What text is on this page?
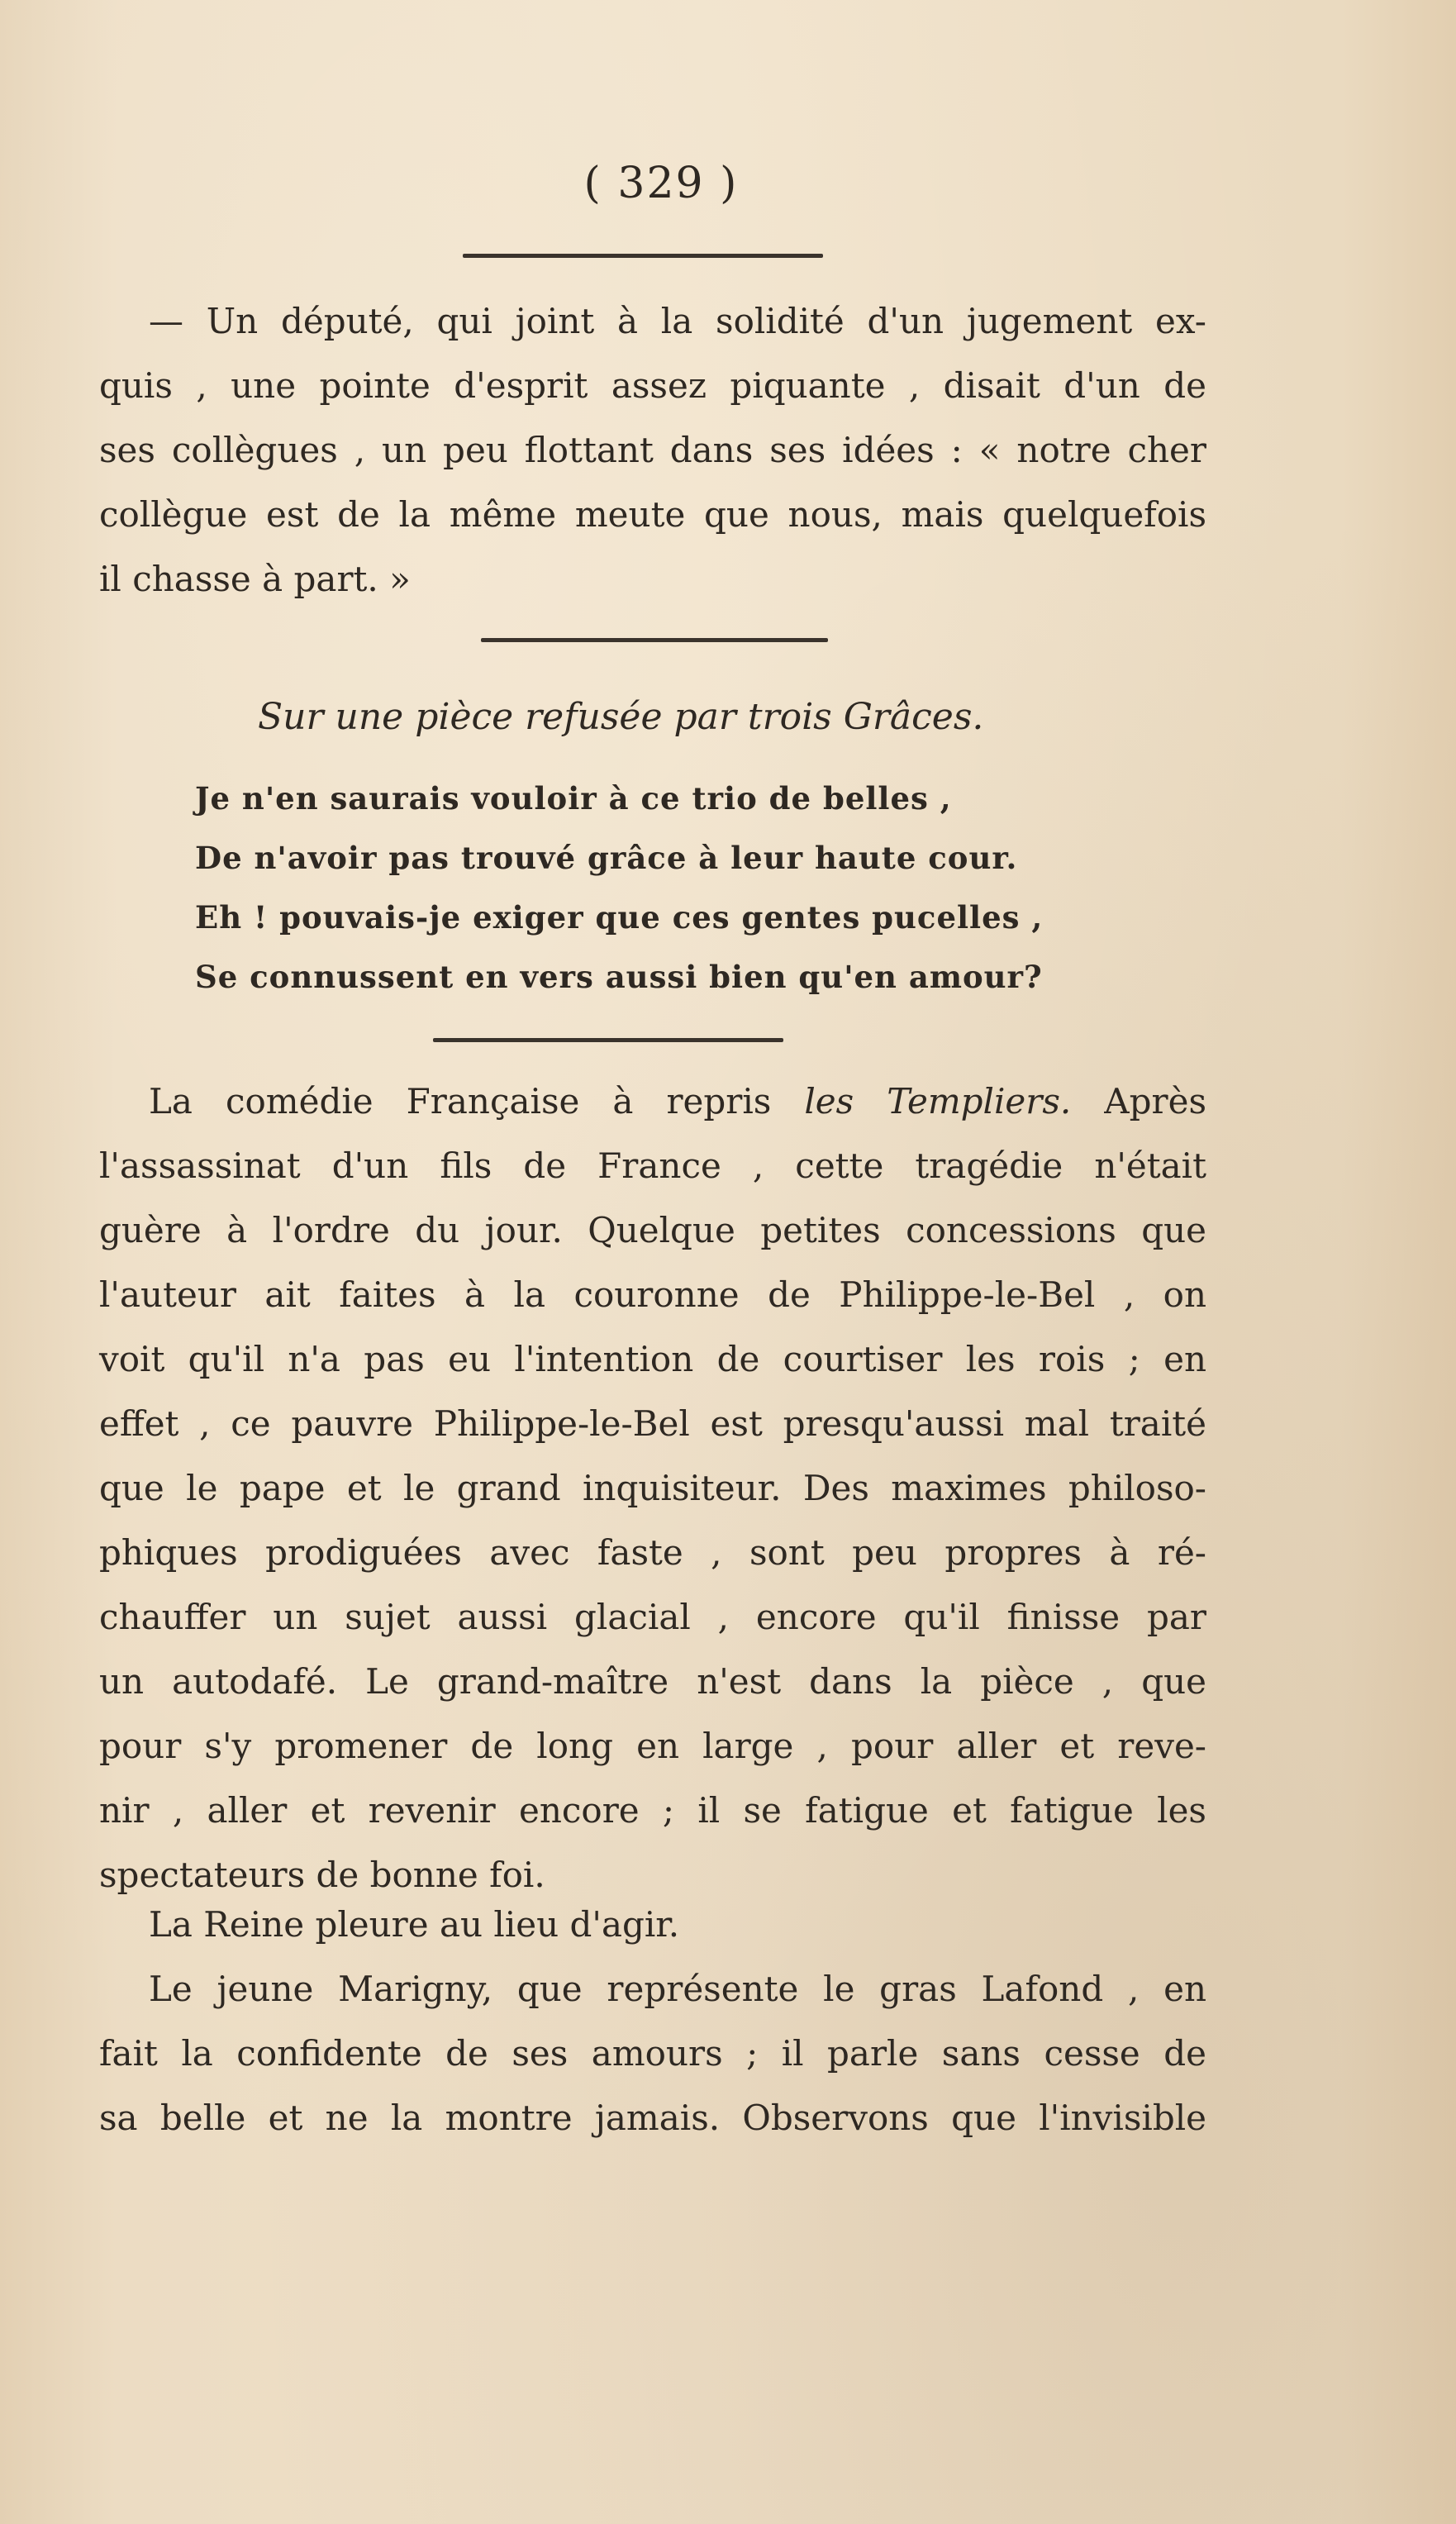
( 329 )
— Un député, qui joint à la solidité d'un jugement ex-
quis , une pointe d'esprit assez piquante , disait d'un de
ses collègues , un peu flottant dans ses idées : « notre cher
collègue est de la même meute que nous, mais quelquefois
il chasse à part. »
Sur une pièce refusée par trois Grâces.
Je n'en saurais vouloir à ce trio de belles ,
De n'avoir pas trouvé grâce à leur haute cour.
Eh ! pouvais-je exiger que ces gentes pucelles ,
Se connussent en vers aussi bien qu'en amour?
La comédie Française à repris les Templiers. Après
l'assassinat d'un fils de France , cette tragédie n'était
guère à l'ordre du jour. Quelque petites concessions que
l'auteur ait faites à la couronne de Philippe-le-Bel , on
voit qu'il n'a pas eu l'intention de courtiser les rois ; en
effet , ce pauvre Philippe-le-Bel est presqu'aussi mal traité
que le pape et le grand inquisiteur. Des maximes philoso-
phiques prodiguées avec faste , sont peu propres à ré-
chauffer un sujet aussi glacial , encore qu'il finisse par
un autodafé. Le grand-maître n'est dans la pièce , que
pour s'y promener de long en large , pour aller et reve-
nir , aller et revenir encore ; il se fatigue et fatigue les
spectateurs de bonne foi.
La Reine pleure au lieu d'agir.
Le jeune Marigny, que représente le gras Lafond , en
fait la confidente de ses amours ; il parle sans cesse de
sa belle et ne la montre jamais. Observons que l'invisible
